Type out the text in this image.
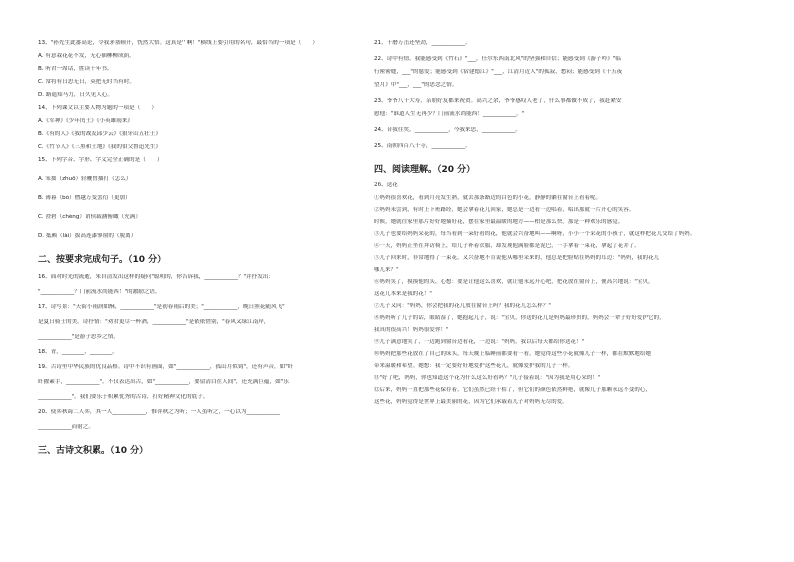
13、"孙先生此番高论，令我茅塞顿开，恍然大悟。这真是'' 啊！"横线上要引用的名句，最恰当的一项是（　　）

A. 有意栽花花不发，无心插柳柳成荫。

B. 听君一席话，胜读十年书。

C. 常将有日思无日，莫把无时当有时。

D. 路遥知马力，日久见人心。

14、下列课文以主要人物为题的一项是（　　）

A.《军神》《少年闰土》《小英雄雨来》

B.《有的人》《我的战友邱少云》《狼牙山五壮士》

C.《竹节人》《三黑和土地》《我的伯父鲁迅先生》

15、下列字音、字形、字义完全正确的是（　　）

A. 笨拙（zhuō）轻鞭曾抽打（怎么）

B. 薄暮（bó）僭越万变罢衍（更加）

C. 澄碧（chéng）诮侯载涵俯瞰（充满）

D. 抵赖（lài）拔高连漆寥窗的（脱离）

二、按要求完成句子。（10 分）

16、面对时光的流逝，朱自清发出这样的疑问"聪明的，你告诉我，____________？"并抒发出：

"____________？门前流水尚能西！"的激励之语。

17、诗写景："天街小雨润如酥，____________"是初春雨后的美；"____________，晚日照花随风飞"

是夏日骑士的美。诗抒情："劝君更尽一杯酒，____________"是依依惜别，"春风又绿江南岸，

____________"是游子思乡之情。

18、青，________，________。

19、古诗里中华民族的优良品格。诗中不识有画面，如"____________，孤山月似钩"，还有声音，如"纤

纤擢素手，____________"。不仅表达出古，如"____________，要留清白在人间"，还充满巨蕴，如"乐

____________"。我们要乐于积累优秀的古诗，打好精神文化的底子。

20、使弈秋诲二人弈，其一人____________，惟弈秋之为听；一人虽听之，一心以为____________

____________而射之。

三、古诗文积累。（10 分）

21、千磨万击还坚劲，____________。

22、诗中有情。我能感受到《竹石》"___，任尔东西南北风"的坚强和自信；能感受到《游子吟》"临

行密密缝，___"的慈爱；能感受到《宿建德江》"___，江清月近人"的孤寂、愁闷；能感受到《十五夜

望月》中"___，___"的思念之情。

23、爷爷八十大寿，亲朋好友都来祝贺。高兴之余，爷爷感叹人老了，什么事都做不成了，我赶紧安

慰他："谁道人生无再少？门前流水尚能西！____________。"

24、昔我往矣，____________，今我来思，____________。

25、南朝四百八十寺，____________。

四、阅读理解。（20 分）

26、送花

①妈妈很喜欢花，看到月亮发生熟，就去那条路边的白色的小花，静静的躺在窗台上看着呢。

②妈妈未尝到，有时上下班路经，她会拿着花儿回家，她总是一边看一边唱着，唱出那就一片开心的笑容。

时候，她就往家里那片好好地插好花，摆在家里最温暖的地方——柏是那么快。那是一种欢乐的感觉。

③儿子也要给妈妈采花的，每当看到一朵好看的花，他就会兴奋地叫——啊呀，小小一个采花的小孩子，就这样把花儿交给了妈妈。

④一天，妈妈正坐在拜访椅上，给儿子补着衣服，却发现他满脸都是泥巴，一手拿着一束花，拿起了花并了。

⑤儿子回来时，非常地得了一束花，又兴奋地不肯说他从哪里采来的，他总是把脸贴在妈妈的耳边："妈妈，我的花儿

哪儿来？"

⑥妈妈笑了，摸摸他的头，心想：要是让他这么喜欢，就让他永远开心吧，把花放在窗台上，便高兴地说："宝贝，

这花儿本来是我的花！"

⑦儿子又问："妈妈，你会把我的花儿放在窗台上吗？我的花儿怎么样？"

⑧妈妈听了儿子的话，眼睛湿了，她抱起儿子，说："宝贝，你送的花儿是妈妈最珍贵的，妈妈会一辈子好好爱护它的，

我真的很高兴！妈妈很爱你！"

⑨儿子满意地笑了，一边跑到窗台边看花，一边说："妈妈，我以后每天都给你送花！"

⑩妈妈把那些花放在了自己的床头，每天晚上临睡前都要看一看，她觉得这些小花就像儿子一样，都在默默地给她

带来温暖和希望。她想：我一定要好好地爱护这些花儿，就像爱护我的儿子一样。

⑪"好了吧，妈妈，你也知道这个花为什么这么好看吗？"儿子接着说："因为我是用心采的！"

⑫后来，妈妈一直把那些花保存着，它们虽然已经干枯了，但它们的颜色依然鲜艳，就像儿子那颗永远不变的心，

这些花，妈妈觉得是世界上最美丽的花，因为它们承载着儿子对妈妈无尽的爱。
